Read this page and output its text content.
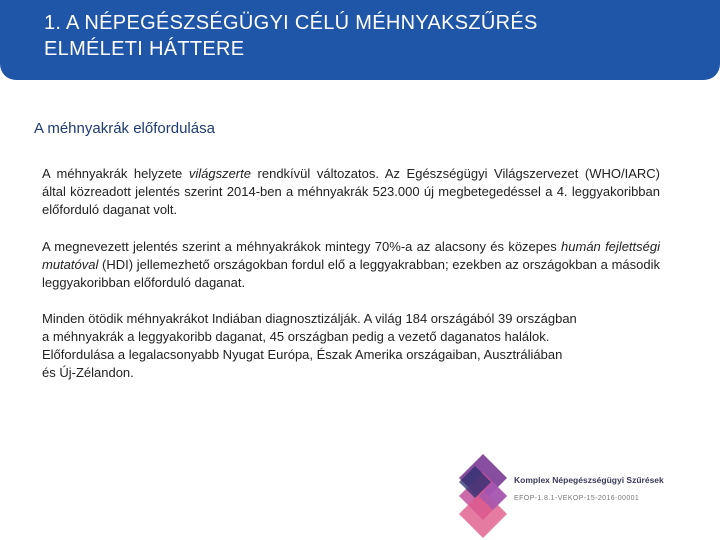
1. A NÉPEGÉSZSÉGÜGYI CÉLÚ MÉHNYAKSZŰRÉS
ELMÉLETI HÁTTERE
A méhnyakrák előfordulása
A méhnyakrák helyzete világszerte rendkívül változatos. Az Egészségügyi Világszervezet (WHO/IARC) által közreadott jelentés szerint 2014-ben a méhnyakrák 523.000 új megbetegedéssel a 4. leggyakoribban előforduló daganat volt.
A megnevezett jelentés szerint a méhnyakrákok mintegy 70%-a az alacsony és közepes humán fejlettségi mutatóval (HDI) jellemezhető országokban fordul elő a leggyakrabban; ezekben az országokban a második leggyakoribban előforduló daganat.
Minden ötödik méhnyakrákot Indiában diagnosztizálják. A világ 184 országából 39 országban
a méhnyakrák a leggyakoribb daganat, 45 országban pedig a vezető daganatos halálok.
Előfordulása a legalacsonyabb Nyugat Európa, Észak Amerika országaiban, Ausztráliában
és Új-Zélandon.
Komplex Népegészségügyi Szűrések
EFOP-1.8.1-VEKOP-15-2016-00001
